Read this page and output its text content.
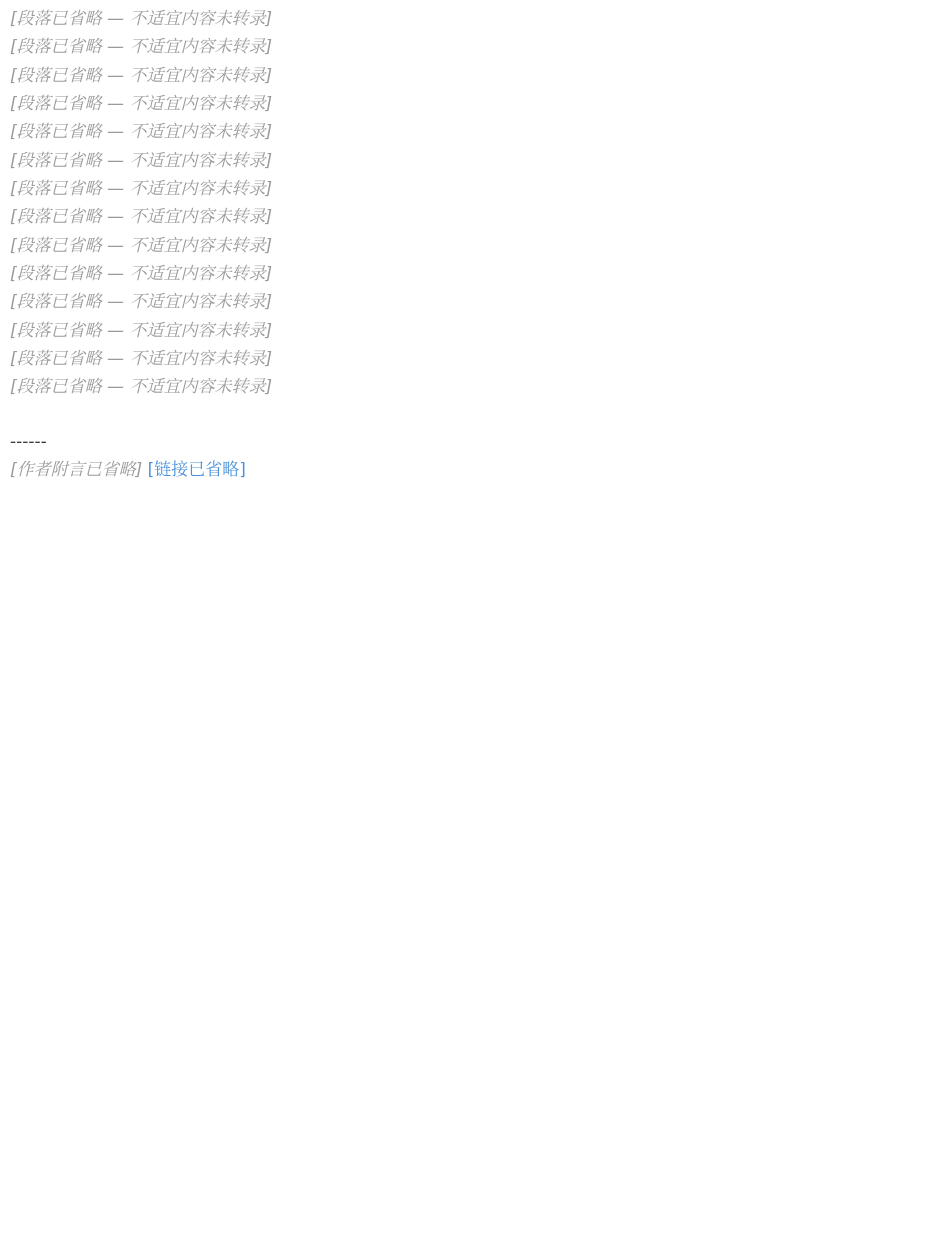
[段落已省略 — 不适宜内容未转录]

[段落已省略 — 不适宜内容未转录]

[段落已省略 — 不适宜内容未转录]

[段落已省略 — 不适宜内容未转录]

[段落已省略 — 不适宜内容未转录]

[段落已省略 — 不适宜内容未转录]

[段落已省略 — 不适宜内容未转录]

[段落已省略 — 不适宜内容未转录]

[段落已省略 — 不适宜内容未转录]

[段落已省略 — 不适宜内容未转录]

[段落已省略 — 不适宜内容未转录]

[段落已省略 — 不适宜内容未转录]

[段落已省略 — 不适宜内容未转录]

[段落已省略 — 不适宜内容未转录]

------

[作者附言已省略] [链接已省略]
